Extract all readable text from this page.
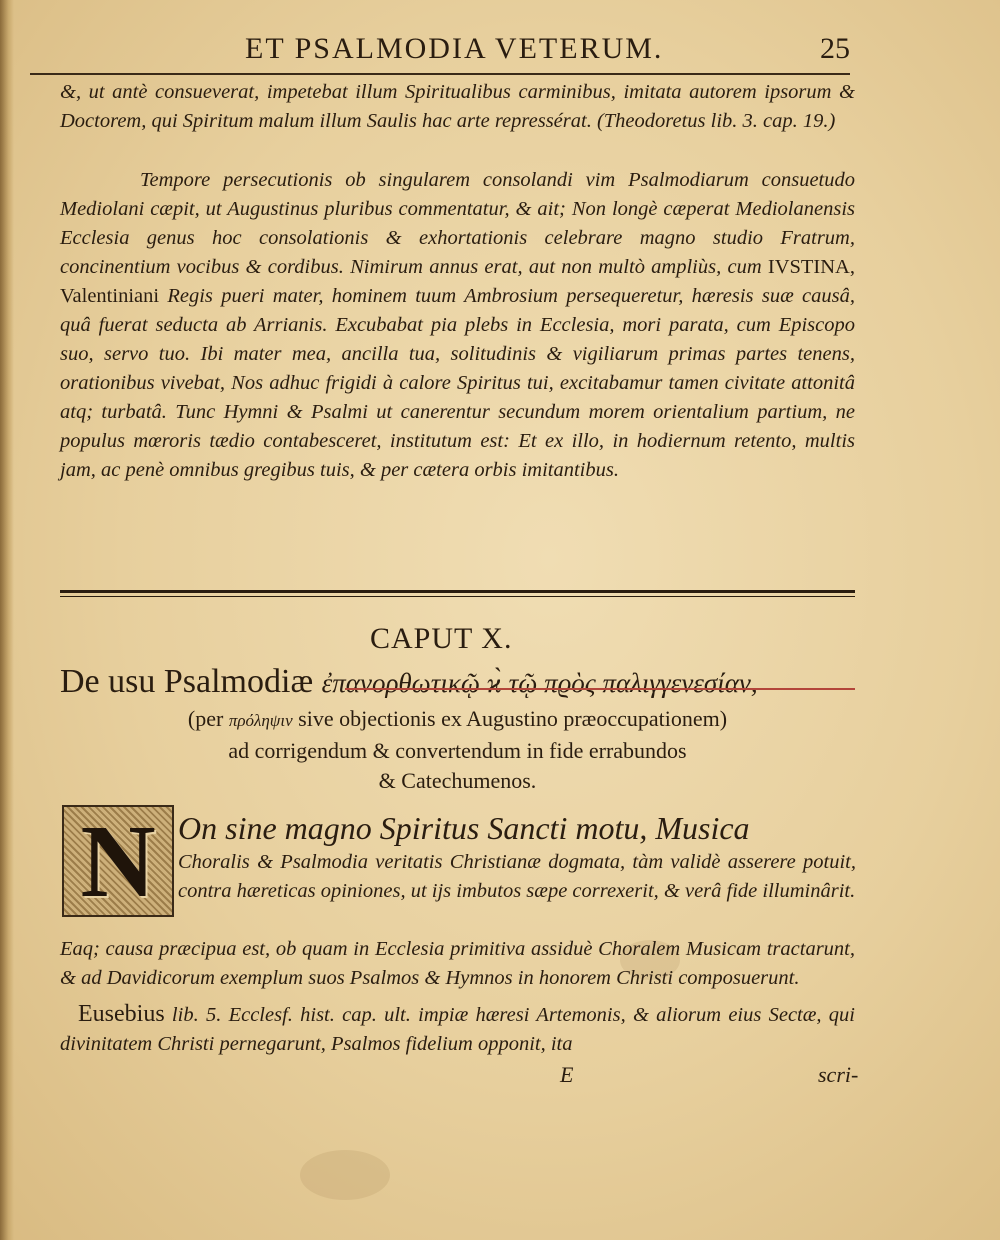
ET PSALMODIA VETERUM.	25

&, ut antè consueverat, impetebat illum Spiritualibus carminibus, imitata autorem ipsorum & Doctorem, qui Spiritum malum illum Saulis hac arte repressérat. (Theodoretus lib. 3. cap. 19.)

Tempore persecutionis ob singularem consolandi vim Psalmodiarum consuetudo Mediolani cæpit, ut Augustinus pluribus commentatur, & ait; Non longè cæperat Mediolanensis Ecclesia genus hoc consolationis & exhortationis celebrare magno studio Fratrum, concinentium vocibus & cordibus. Nimirum annus erat, aut non multò ampliùs, cum IVSTINA, Valentiniani Regis pueri mater, hominem tuum Ambrosium persequeretur, hæresis suæ causâ, quâ fuerat seducta ab Arrianis. Excubabat pia plebs in Ecclesia, mori parata, cum Episcopo suo, servo tuo. Ibi mater mea, ancilla tua, solitudinis & vigiliarum primas partes tenens, orationibus vivebat, Nos adhuc frigidi à calore Spiritus tui, excitabamur tamen civitate attonitâ atq; turbatâ. Tunc Hymni & Psalmi ut canerentur secundum morem orientalium partium, ne populus mœroris tædio contabesceret, institutum est: Et ex illo, in hodiernum retento, multis jam, ac penè omnibus gregibus tuis, & per cætera orbis imitantibus.

CAPUT X.
De usu Psalmodiæ ἐπανορθωτικῷ ϰ̀ τῷ πϱὸς παλιγγενεσίαν,
(per πρόληψιν sive objectionis ex Augustino præoccupationem)
ad corrigendum & convertendum in fide errabundos
& Catechumenos.
N On sine magno Spiritus Sancti motu, Musica
Choralis & Psalmodia veritatis Christianæ dogmata, tàm validè asserere potuit, contra hæreticas opiniones, ut ijs imbutos sæpe correxerit, & verâ fide illuminârit.
Eaq; causa præcipua est, ob quam in Ecclesia primitiva assiduè Choralem Musicam tractarunt, & ad Davidicorum exemplum suos Psalmos & Hymnos in honorem Christi composuerunt.

Eusebius lib. 5. Ecclesf. hist. cap. ult. impiæ hæresi Artemonis, & aliorum eius Sectæ, qui divinitatem Christi pernegarunt, Psalmos fidelium opponit, ita

E	scri-
